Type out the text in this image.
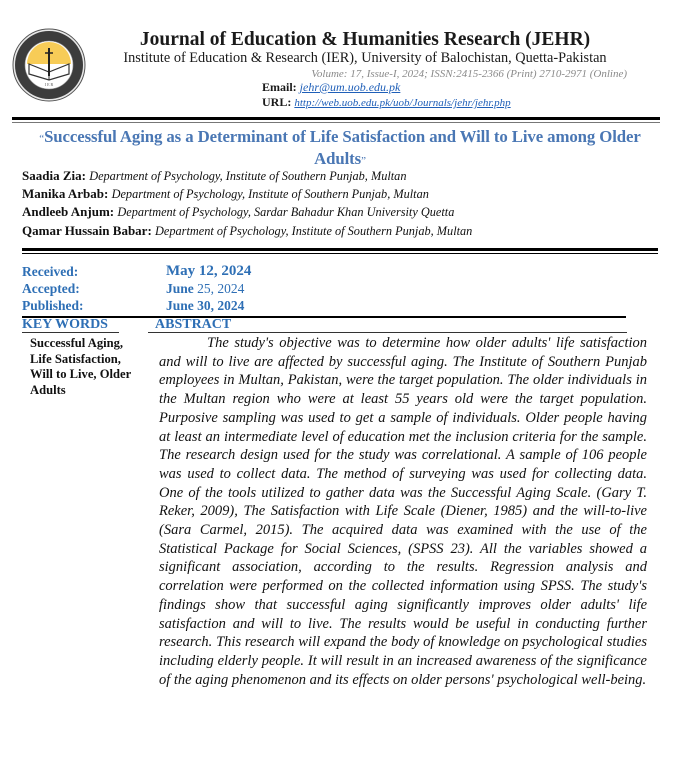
I E R
Journal of Education & Humanities Research (JEHR)
Institute of Education & Research (IER), University of Balochistan, Quetta-Pakistan
Volume: 17, Issue-I, 2024; ISSN:2415-2366 (Print) 2710-2971 (Online)
Email: jehr@um.uob.edu.pk
URL: http://web.uob.edu.pk/uob/Journals/jehr/jehr.php
“Successful Aging as a Determinant of Life Satisfaction and Will to Live among Older Adults”
Saadia Zia: Department of Psychology, Institute of Southern Punjab, Multan
Manika Arbab: Department of Psychology, Institute of Southern Punjab, Multan
Andleeb Anjum: Department of Psychology, Sardar Bahadur Khan University Quetta
Qamar Hussain Babar: Department of Psychology, Institute of Southern Punjab, Multan
Received:	May 12, 2024
Accepted:	June 25, 2024
Published:	June 30, 2024
KEY WORDS	ABSTRACT
Successful Aging, Life Satisfaction, Will to Live, Older Adults
The study's objective was to determine how older adults' life satisfaction and will to live are affected by successful aging. The Institute of Southern Punjab employees in Multan, Pakistan, were the target population. The older individuals in the Multan region who were at least 55 years old were the target population. Purposive sampling was used to get a sample of individuals. Older people having at least an intermediate level of education met the inclusion criteria for the sample. The research design used for the study was correlational. A sample of 106 people was used to collect data. The method of surveying was used for collecting data. One of the tools utilized to gather data was the Successful Aging Scale. (Gary T. Reker, 2009), The Satisfaction with Life Scale (Diener, 1985) and the will-to-live (Sara Carmel, 2015). The acquired data was examined with the use of the Statistical Package for Social Sciences, (SPSS 23). All the variables showed a significant association, according to the results. Regression analysis and correlation were performed on the collected information using SPSS. The study's findings show that successful aging significantly improves older adults' life satisfaction and will to live. The results would be useful in conducting further research. This research will expand the body of knowledge on psychological studies including elderly people. It will result in an increased awareness of the significance of the aging phenomenon and its effects on older persons' psychological well-being.
